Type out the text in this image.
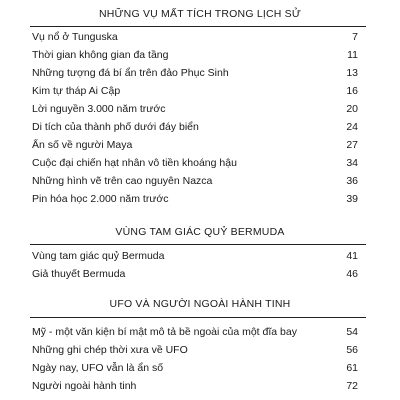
NHỮNG VỤ MẤT TÍCH TRONG LỊCH SỬ
Vụ nổ ở Tunguska	7
Thời gian không gian đa tầng	11
Những tượng đá bí ẩn trên đảo Phục Sinh	13
Kim tự tháp Ai Cập	16
Lời nguyền 3.000 năm trước	20
Di tích của thành phố dưới đáy biển	24
Ẩn số về người Maya	27
Cuộc đại chiến hạt nhân vô tiền khoáng hậu	34
Những hình vẽ trên cao nguyên Nazca	36
Pin hóa học 2.000 năm trước	39
VÙNG TAM GIÁC QUỶ BERMUDA
Vùng tam giác quỷ Bermuda	41
Giả thuyết Bermuda	46
UFO VÀ NGƯỜI NGOÀI HÀNH TINH
Mỹ - một văn kiện bí mật mô tả bề ngoài của một đĩa bay	54
Những ghi chép thời xưa về UFO	56
Ngày nay, UFO vẫn là ẩn số	61
Người ngoài hành tinh	72
